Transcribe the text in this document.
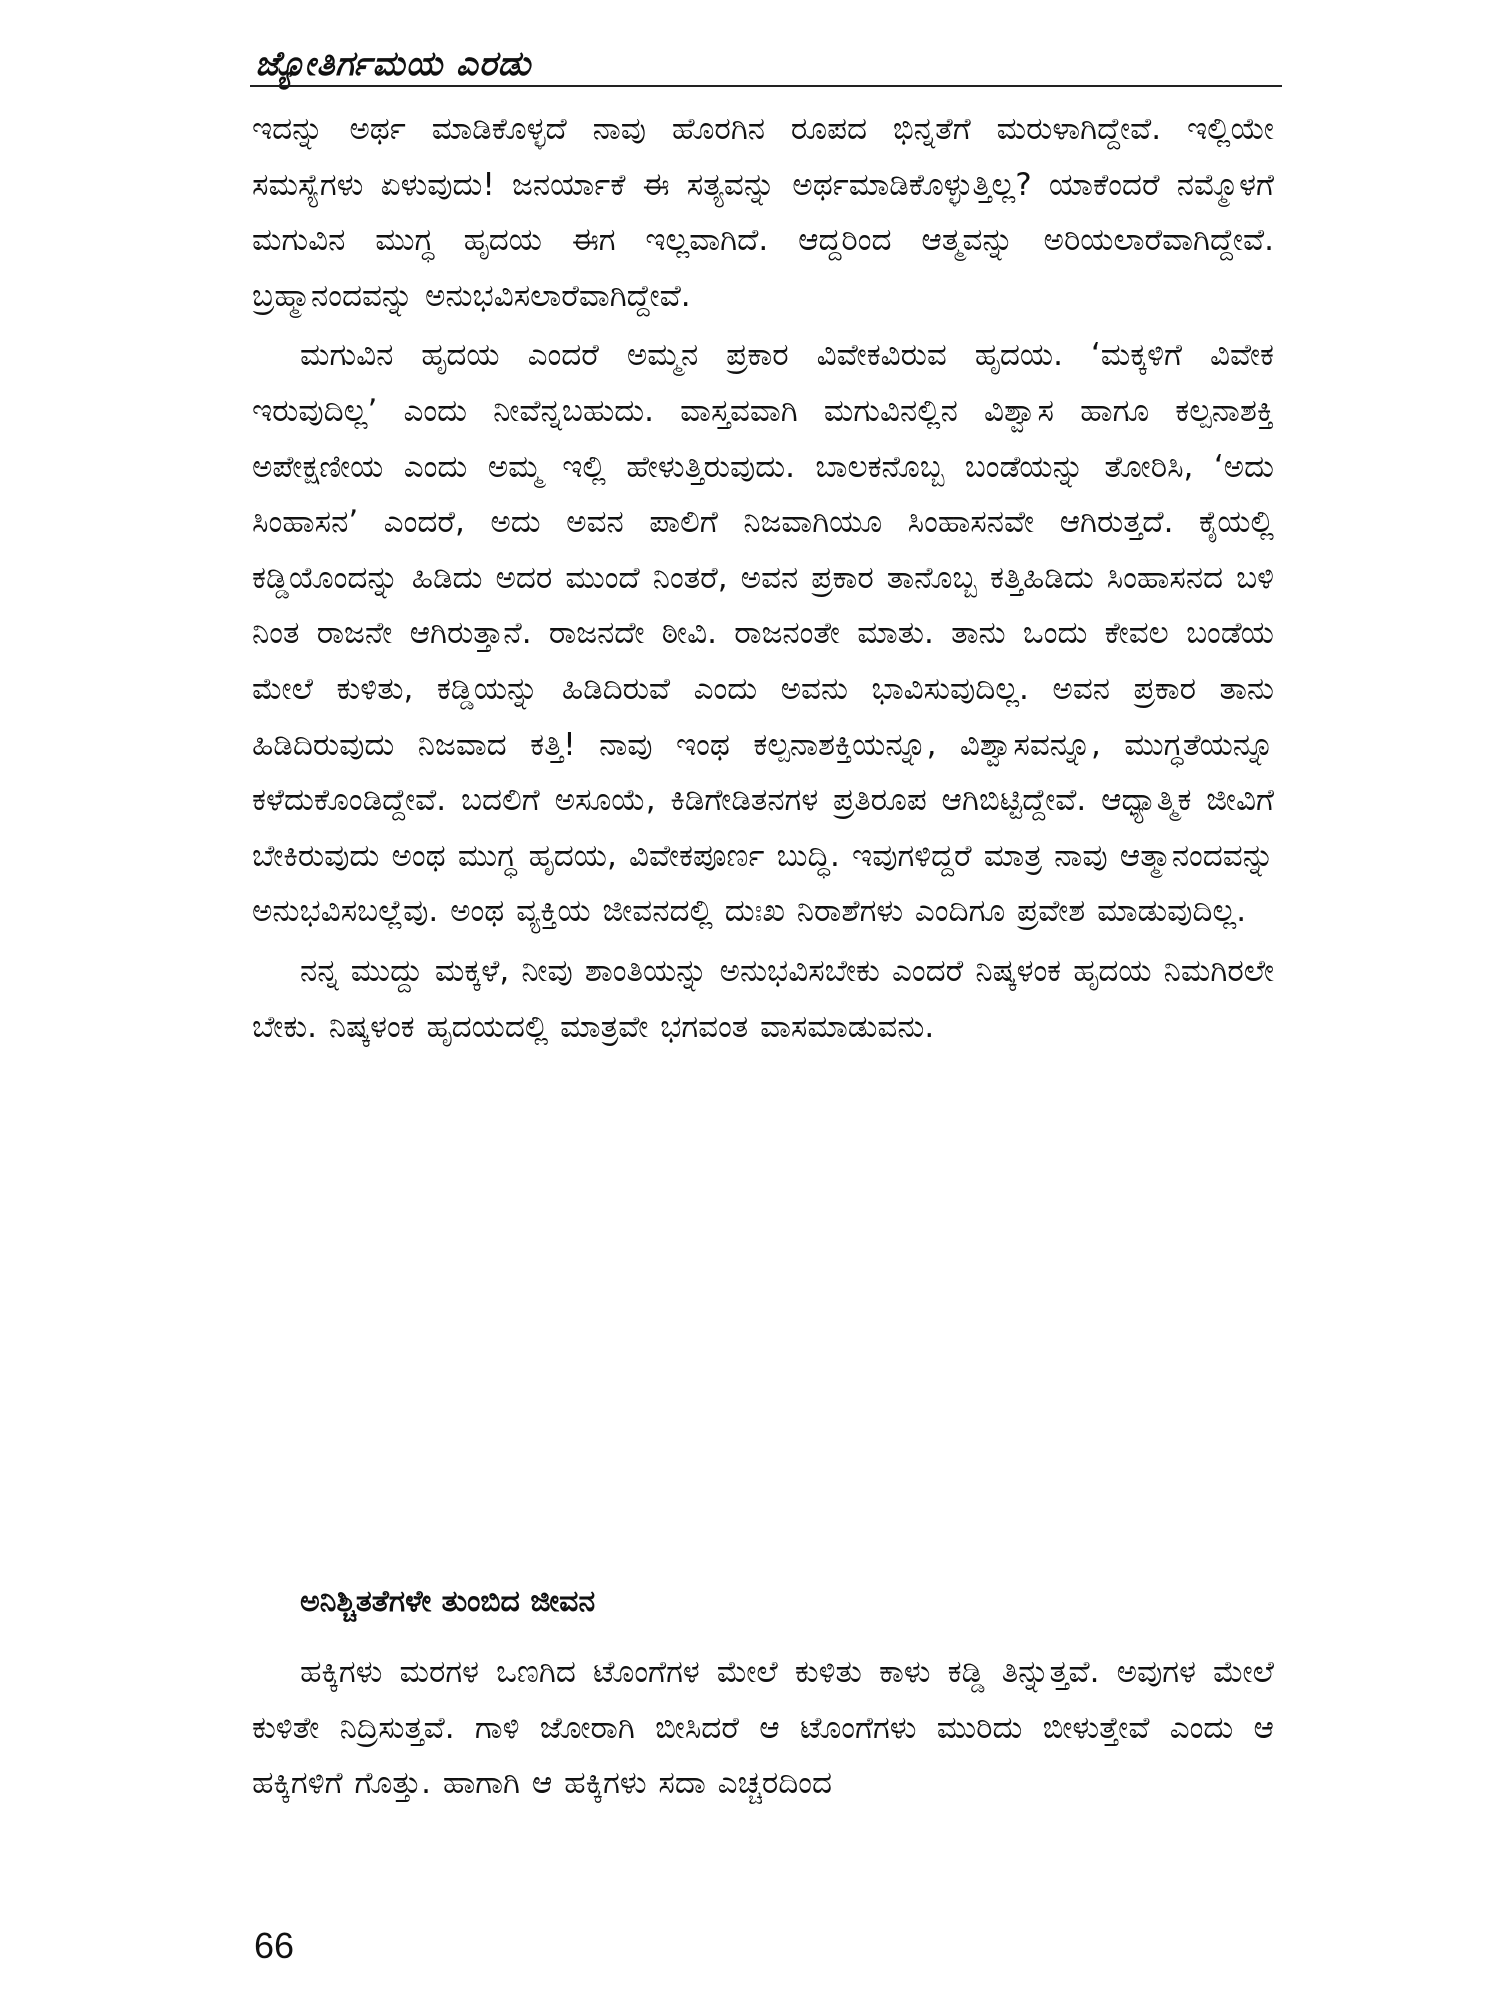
ಜ್ಯೋತಿರ್ಗಮಯ ಎರಡು

ಇದನ್ನು ಅರ್ಥ ಮಾಡಿಕೊಳ್ಳದೆ ನಾವು ಹೊರಗಿನ ರೂಪದ ಭಿನ್ನತೆಗೆ ಮರುಳಾಗಿದ್ದೇವೆ. ಇಲ್ಲಿಯೇ ಸಮಸ್ಯೆಗಳು ಏಳುವುದು! ಜನರ್ಯಾಕೆ ಈ ಸತ್ಯವನ್ನು ಅರ್ಥಮಾಡಿಕೊಳ್ಳುತ್ತಿಲ್ಲ? ಯಾಕೆಂದರೆ ನಮ್ಮೊಳಗೆ ಮಗುವಿನ ಮುಗ್ಧ ಹೃದಯ ಈಗ ಇಲ್ಲವಾಗಿದೆ. ಆದ್ದರಿಂದ ಆತ್ಮವನ್ನು ಅರಿಯಲಾರೆವಾಗಿದ್ದೇವೆ. ಬ್ರಹ್ಮಾನಂದವನ್ನು ಅನುಭವಿಸಲಾರೆವಾಗಿದ್ದೇವೆ.

ಮಗುವಿನ ಹೃದಯ ಎಂದರೆ ಅಮ್ಮನ ಪ್ರಕಾರ ವಿವೇಕವಿರುವ ಹೃದಯ. ‘ಮಕ್ಕಳಿಗೆ ವಿವೇಕ ಇರುವುದಿಲ್ಲ’ ಎಂದು ನೀವೆನ್ನಬಹುದು. ವಾಸ್ತವವಾಗಿ ಮಗುವಿನಲ್ಲಿನ ವಿಶ್ವಾಸ ಹಾಗೂ ಕಲ್ಪನಾಶಕ್ತಿ ಅಪೇಕ್ಷಣೀಯ ಎಂದು ಅಮ್ಮ ಇಲ್ಲಿ ಹೇಳುತ್ತಿರುವುದು. ಬಾಲಕನೊಬ್ಬ ಬಂಡೆಯನ್ನು ತೋರಿಸಿ, ‘ಅದು ಸಿಂಹಾಸನ’ ಎಂದರೆ, ಅದು ಅವನ ಪಾಲಿಗೆ ನಿಜವಾಗಿಯೂ ಸಿಂಹಾಸನವೇ ಆಗಿರುತ್ತದೆ. ಕೈಯಲ್ಲಿ ಕಡ್ಡಿಯೊಂದನ್ನು ಹಿಡಿದು ಅದರ ಮುಂದೆ ನಿಂತರೆ, ಅವನ ಪ್ರಕಾರ ತಾನೊಬ್ಬ ಕತ್ತಿಹಿಡಿದು ಸಿಂಹಾಸನದ ಬಳಿ ನಿಂತ ರಾಜನೇ ಆಗಿರುತ್ತಾನೆ. ರಾಜನದೇ ಠೀವಿ. ರಾಜನಂತೇ ಮಾತು. ತಾನು ಒಂದು ಕೇವಲ ಬಂಡೆಯ ಮೇಲೆ ಕುಳಿತು, ಕಡ್ಡಿಯನ್ನು ಹಿಡಿದಿರುವೆ ಎಂದು ಅವನು ಭಾವಿಸುವುದಿಲ್ಲ. ಅವನ ಪ್ರಕಾರ ತಾನು ಹಿಡಿದಿರುವುದು ನಿಜವಾದ ಕತ್ತಿ! ನಾವು ಇಂಥ ಕಲ್ಪನಾಶಕ್ತಿಯನ್ನೂ, ವಿಶ್ವಾಸವನ್ನೂ, ಮುಗ್ಧತೆಯನ್ನೂ ಕಳೆದುಕೊಂಡಿದ್ದೇವೆ. ಬದಲಿಗೆ ಅಸೂಯೆ, ಕಿಡಿಗೇಡಿತನಗಳ ಪ್ರತಿರೂಪ ಆಗಿಬಿಟ್ಟಿದ್ದೇವೆ. ಆಧ್ಯಾತ್ಮಿಕ ಜೀವಿಗೆ ಬೇಕಿರುವುದು ಅಂಥ ಮುಗ್ಧ ಹೃದಯ, ವಿವೇಕಪೂರ್ಣ ಬುದ್ಧಿ. ಇವುಗಳಿದ್ದರೆ ಮಾತ್ರ ನಾವು ಆತ್ಮಾನಂದವನ್ನು ಅನುಭವಿಸಬಲ್ಲೆವು. ಅಂಥ ವ್ಯಕ್ತಿಯ ಜೀವನದಲ್ಲಿ ದುಃಖ ನಿರಾಶೆಗಳು ಎಂದಿಗೂ ಪ್ರವೇಶ ಮಾಡುವುದಿಲ್ಲ.

ನನ್ನ ಮುದ್ದು ಮಕ್ಕಳೆ, ನೀವು ಶಾಂತಿಯನ್ನು ಅನುಭವಿಸಬೇಕು ಎಂದರೆ ನಿಷ್ಕಳಂಕ ಹೃದಯ ನಿಮಗಿರಲೇ ಬೇಕು. ನಿಷ್ಕಳಂಕ ಹೃದಯದಲ್ಲಿ ಮಾತ್ರವೇ ಭಗವಂತ ವಾಸಮಾಡುವನು.

ಅನಿಶ್ಚಿತತೆಗಳೇ ತುಂಬಿದ ಜೀವನ

ಹಕ್ಕಿಗಳು ಮರಗಳ ಒಣಗಿದ ಟೊಂಗೆಗಳ ಮೇಲೆ ಕುಳಿತು ಕಾಳು ಕಡ್ಡಿ ತಿನ್ನುತ್ತವೆ. ಅವುಗಳ ಮೇಲೆ ಕುಳಿತೇ ನಿದ್ರಿಸುತ್ತವೆ. ಗಾಳಿ ಜೋರಾಗಿ ಬೀಸಿದರೆ ಆ ಟೊಂಗೆಗಳು ಮುರಿದು ಬೀಳುತ್ತೇವೆ ಎಂದು ಆ ಹಕ್ಕಿಗಳಿಗೆ ಗೊತ್ತು. ಹಾಗಾಗಿ ಆ ಹಕ್ಕಿಗಳು ಸದಾ ಎಚ್ಚರದಿಂದ

66
